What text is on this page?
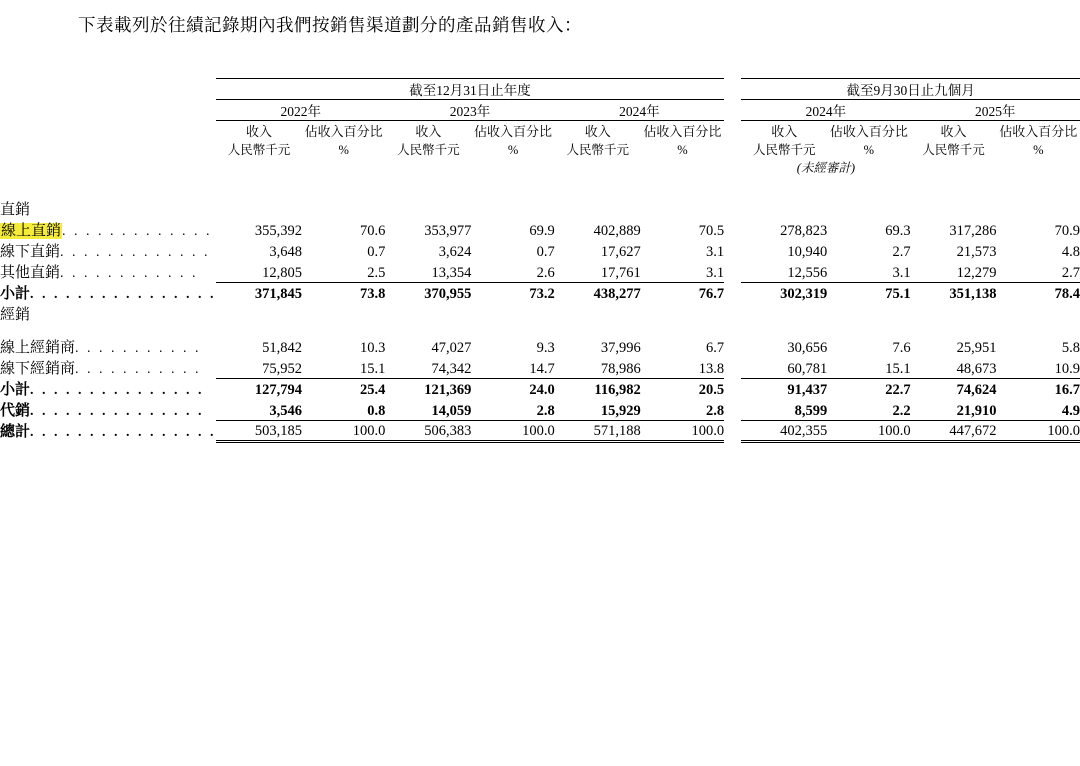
下表載列於往績記錄期內我們按銷售渠道劃分的產品銷售收入：

	截至12月31日止年度							截至9月30日止九個月			

	2022年		2023年		2024年			2024年		2025年	

	收入	佔收入百分比	收入	佔收入百分比	收入	佔收入百分比		收入	佔收入百分比	收入	佔收入百分比
	人民幣千元	%	人民幣千元	%	人民幣千元	%		人民幣千元	%	人民幣千元	%
								(未經審計)			

直銷											
線上直銷. . . . . . . . . . . . .	355,392	70.6	353,977	69.9	402,889	70.5		278,823	69.3	317,286	70.9
線下直銷. . . . . . . . . . . . .	3,648	0.7	3,624	0.7	17,627	3.1		10,940	2.7	21,573	4.8
其他直銷. . . . . . . . . . . .	12,805	2.5	13,354	2.6	17,761	3.1		12,556	3.1	12,279	2.7
小計. . . . . . . . . . . . . . . .	371,845	73.8	370,955	73.2	438,277	76.7		302,319	75.1	351,138	78.4
經銷											

線上經銷商. . . . . . . . . . .	51,842	10.3	47,027	9.3	37,996	6.7		30,656	7.6	25,951	5.8
線下經銷商. . . . . . . . . . .	75,952	15.1	74,342	14.7	78,986	13.8		60,781	15.1	48,673	10.9
小計. . . . . . . . . . . . . . .	127,794	25.4	121,369	24.0	116,982	20.5		91,437	22.7	74,624	16.7
代銷. . . . . . . . . . . . . . .	3,546	0.8	14,059	2.8	15,929	2.8		8,599	2.2	21,910	4.9
總計. . . . . . . . . . . . . . . .	503,185	100.0	506,383	100.0	571,188	100.0		402,355	100.0	447,672	100.0
